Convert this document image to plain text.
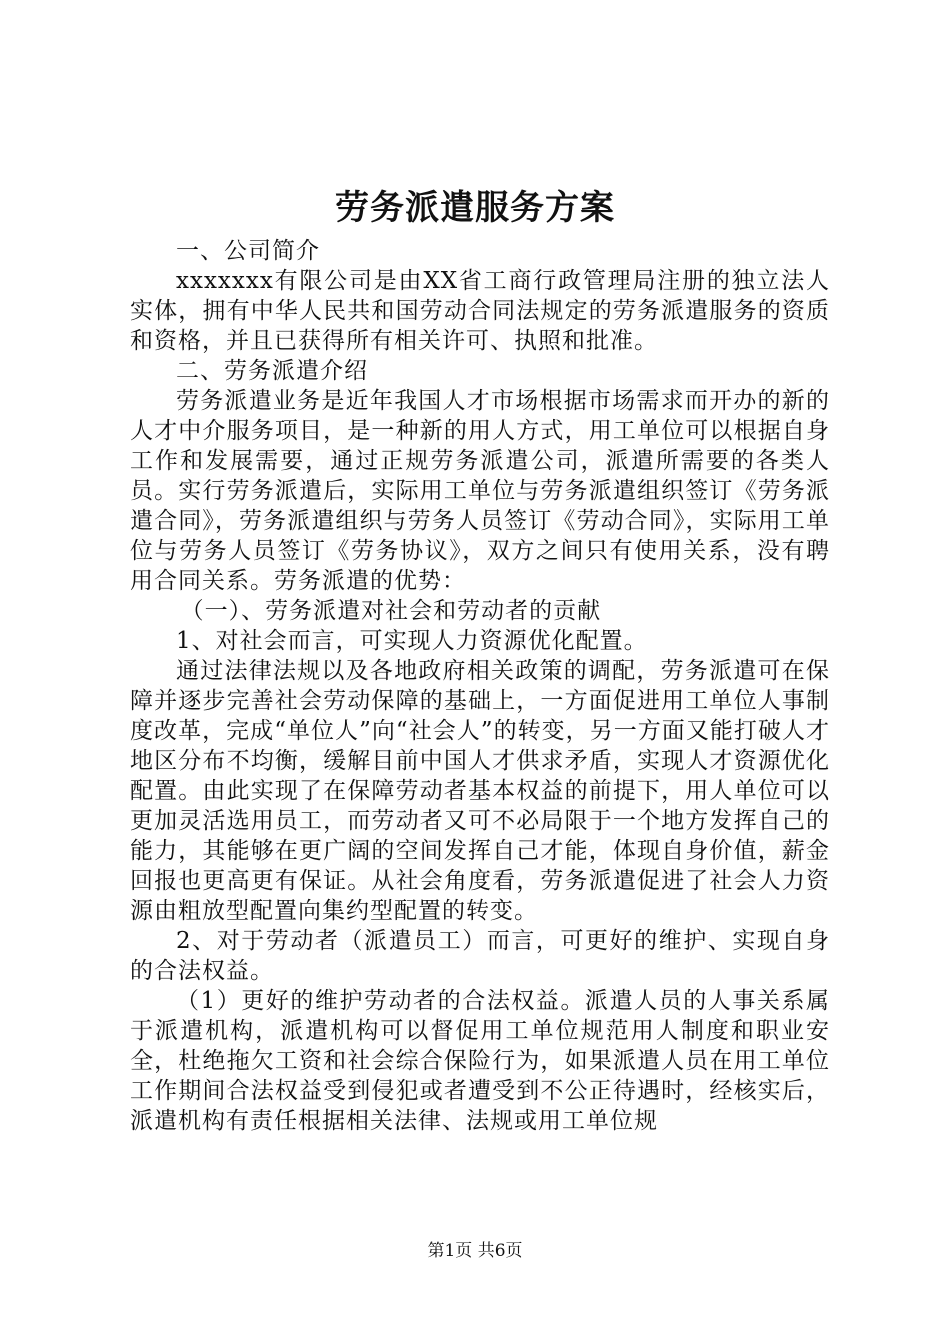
劳务派遣服务方案

一、公司简介

xxxxxxx有限公司是由XX省工商行政管理局注册的独立法人实体，拥有中华人民共和国劳动合同法规定的劳务派遣服务的资质和资格，并且已获得所有相关许可、执照和批准。

二、劳务派遣介绍

劳务派遣业务是近年我国人才市场根据市场需求而开办的新的人才中介服务项目，是一种新的用人方式，用工单位可以根据自身工作和发展需要，通过正规劳务派遣公司，派遣所需要的各类人员。实行劳务派遣后，实际用工单位与劳务派遣组织签订《劳务派遣合同》，劳务派遣组织与劳务人员签订《劳动合同》，实际用工单位与劳务人员签订《劳务协议》，双方之间只有使用关系，没有聘用合同关系。劳务派遣的优势：

（一）、劳务派遣对社会和劳动者的贡献

1、对社会而言，可实现人力资源优化配置。

通过法律法规以及各地政府相关政策的调配，劳务派遣可在保障并逐步完善社会劳动保障的基础上，一方面促进用工单位人事制度改革，完成“单位人”向“社会人”的转变，另一方面又能打破人才地区分布不均衡，缓解目前中国人才供求矛盾，实现人才资源优化配置。由此实现了在保障劳动者基本权益的前提下，用人单位可以更加灵活选用员工，而劳动者又可不必局限于一个地方发挥自己的能力，其能够在更广阔的空间发挥自己才能，体现自身价值，薪金回报也更高更有保证。从社会角度看，劳务派遣促进了社会人力资源由粗放型配置向集约型配置的转变。

2、对于劳动者（派遣员工）而言，可更好的维护、实现自身的合法权益。

（1）更好的维护劳动者的合法权益。派遣人员的人事关系属于派遣机构，派遣机构可以督促用工单位规范用人制度和职业安全，杜绝拖欠工资和社会综合保险行为，如果派遣人员在用工单位工作期间合法权益受到侵犯或者遭受到不公正待遇时，经核实后，派遣机构有责任根据相关法律、法规或用工单位规

第1页 共6页
